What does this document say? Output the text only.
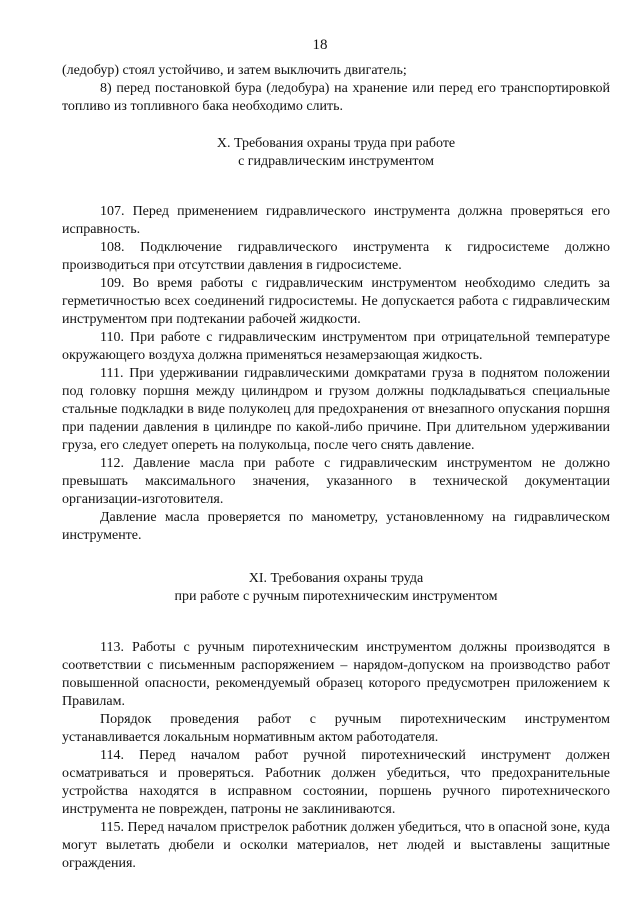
18

(ледобур) стоял устойчиво, и затем выключить двигатель;

8) перед постановкой бура (ледобура) на хранение или перед его транспортировкой топливо из топливного бака необходимо слить.

X. Требования охраны труда при работе
с гидравлическим инструментом

107. Перед применением гидравлического инструмента должна проверяться его исправность.

108. Подключение гидравлического инструмента к гидросистеме должно производиться при отсутствии давления в гидросистеме.

109. Во время работы с гидравлическим инструментом необходимо следить за герметичностью всех соединений гидросистемы. Не допускается работа с гидравлическим инструментом при подтекании рабочей жидкости.

110. При работе с гидравлическим инструментом при отрицательной температуре окружающего воздуха должна применяться незамерзающая жидкость.

111. При удерживании гидравлическими домкратами груза в поднятом положении под головку поршня между цилиндром и грузом должны подкладываться специальные стальные подкладки в виде полуколец для предохранения от внезапного опускания поршня при падении давления в цилиндре по какой-либо причине. При длительном удерживании груза, его следует опереть на полукольца, после чего снять давление.

112. Давление масла при работе с гидравлическим инструментом не должно превышать максимального значения, указанного в технической документации организации-изготовителя.

Давление масла проверяется по манометру, установленному на гидравлическом инструменте.

XI. Требования охраны труда
при работе с ручным пиротехническим инструментом

113. Работы с ручным пиротехническим инструментом должны производятся в соответствии с письменным распоряжением – нарядом-допуском на производство работ повышенной опасности, рекомендуемый образец которого предусмотрен приложением к Правилам.

Порядок проведения работ с ручным пиротехническим инструментом устанавливается локальным нормативным актом работодателя.

114. Перед началом работ ручной пиротехнический инструмент должен осматриваться и проверяться. Работник должен убедиться, что предохранительные устройства находятся в исправном состоянии, поршень ручного пиротехнического инструмента не поврежден, патроны не заклиниваются.

115. Перед началом пристрелок работник должен убедиться, что в опасной зоне, куда могут вылетать дюбели и осколки материалов, нет людей и выставлены защитные ограждения.
